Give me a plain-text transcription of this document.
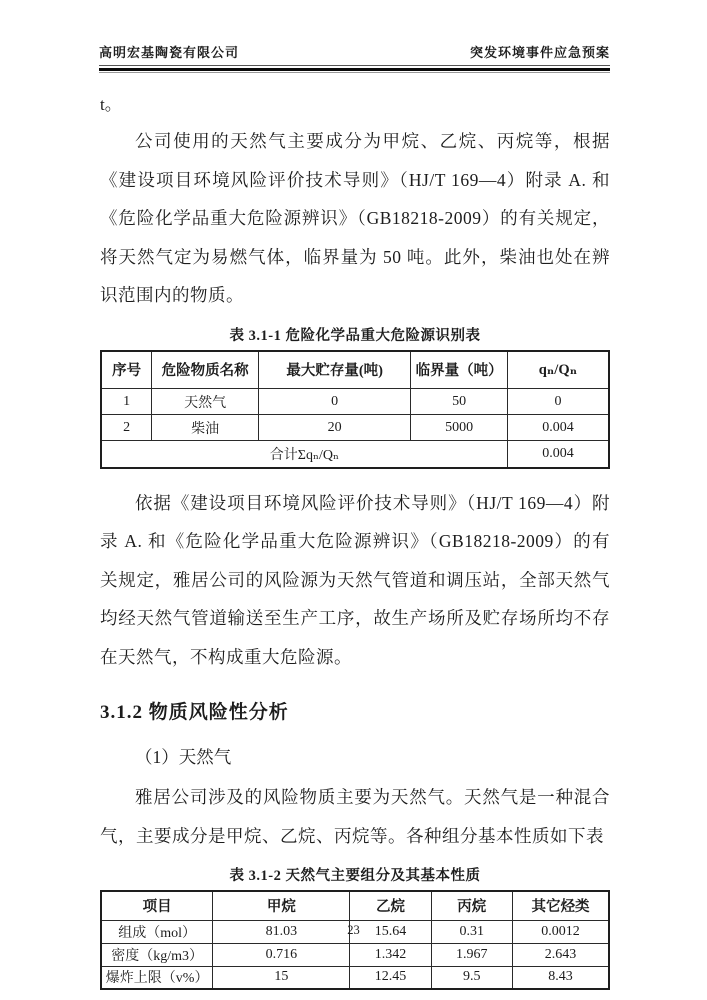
高明宏基陶瓷有限公司	突发环境事件应急预案
t。

公司使用的天然气主要成分为甲烷、乙烷、丙烷等，根据《建设项目环境风险评价技术导则》（HJ/T 169—4）附录 A. 和《危险化学品重大危险源辨识》（GB18218-2009）的有关规定，将天然气定为易燃气体，临界量为 50 吨。此外，柴油也处在辨识范围内的物质。

表 3.1-1 危险化学品重大危险源识别表
序号	危险物质名称	最大贮存量(吨)	临界量（吨）	qₙ/Qₙ
1	天然气	0	50	0
2	柴油	20	5000	0.004
合计Σqₙ/Qₙ				0.004

依据《建设项目环境风险评价技术导则》（HJ/T 169—4）附录 A. 和《危险化学品重大危险源辨识》（GB18218-2009）的有关规定，雅居公司的风险源为天然气管道和调压站，全部天然气均经天然气管道输送至生产工序，故生产场所及贮存场所均不存在天然气，不构成重大危险源。

3.1.2 物质风险性分析
（1）天然气

雅居公司涉及的风险物质主要为天然气。天然气是一种混合气，主要成分是甲烷、乙烷、丙烷等。各种组分基本性质如下表

表 3.1-2 天然气主要组分及其基本性质
项目	甲烷	乙烷	丙烷	其它烃类
组成（mol）	81.03	15.64	0.31	0.0012
密度（kg/m3）	0.716	1.342	1.967	2.643
爆炸上限（v%）	15	12.45	9.5	8.43
23
